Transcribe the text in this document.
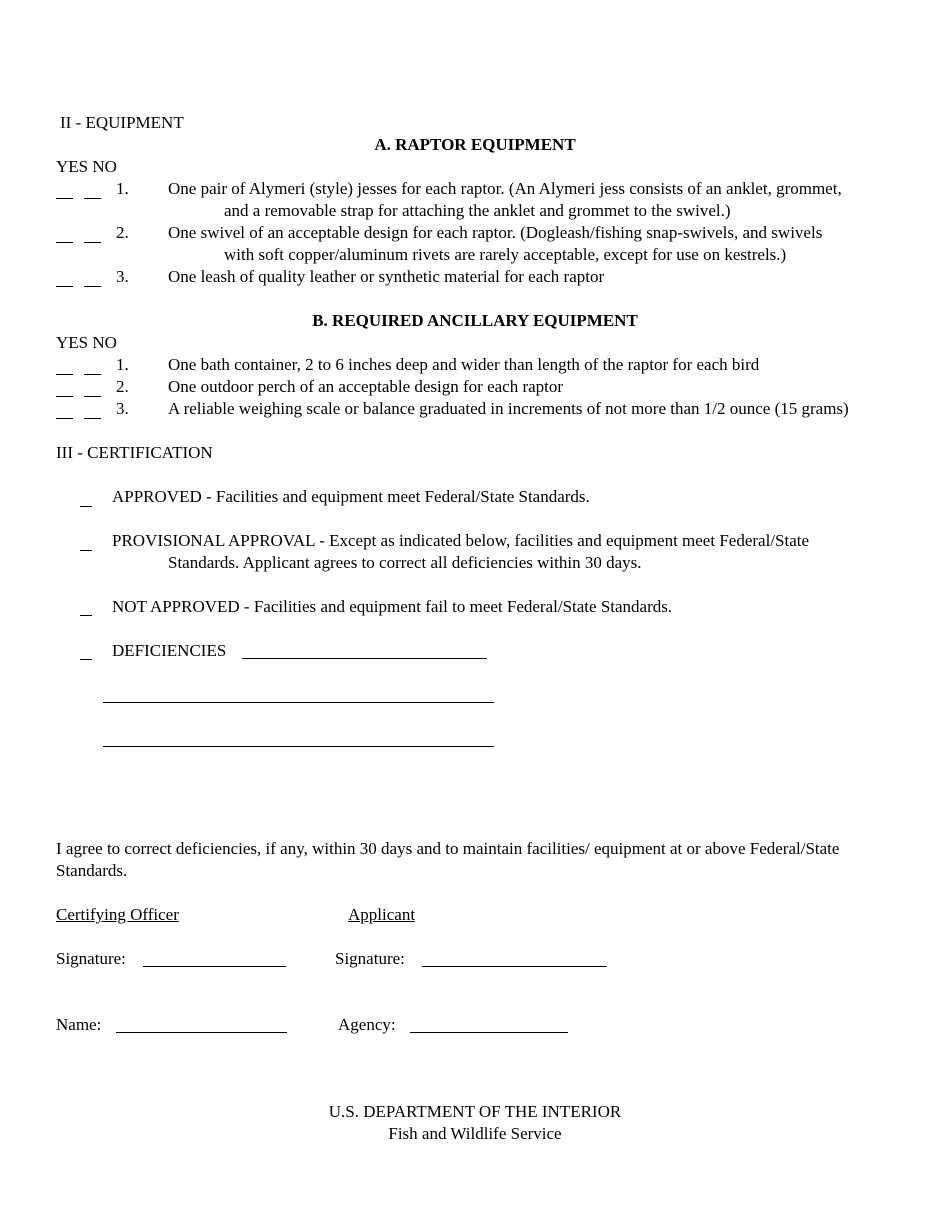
II - EQUIPMENT
A. RAPTOR EQUIPMENT
YES NO
1. One pair of Alymeri (style) jesses for each raptor. (An Alymeri jess consists of an anklet, grommet,
and a removable strap for attaching the anklet and grommet to the swivel.)
2. One swivel of an acceptable design for each raptor. (Dogleash/fishing snap-swivels, and swivels
with soft copper/aluminum rivets are rarely acceptable, except for use on kestrels.)
3. One leash of quality leather or synthetic material for each raptor
B. REQUIRED ANCILLARY EQUIPMENT
YES NO
1. One bath container, 2 to 6 inches deep and wider than length of the raptor for each bird
2. One outdoor perch of an acceptable design for each raptor
3. A reliable weighing scale or balance graduated in increments of not more than 1/2 ounce (15 grams)
III - CERTIFICATION
APPROVED - Facilities and equipment meet Federal/State Standards.
PROVISIONAL APPROVAL - Except as indicated below, facilities and equipment meet Federal/State
Standards. Applicant agrees to correct all deficiencies within 30 days.
NOT APPROVED - Facilities and equipment fail to meet Federal/State Standards.
DEFICIENCIES
I agree to correct deficiencies, if any, within 30 days and to maintain facilities/ equipment at or above Federal/State
Standards.
Certifying Officer	Applicant
Signature:	Signature:
Name:	Agency:
U.S. DEPARTMENT OF THE INTERIOR
Fish and Wildlife Service
